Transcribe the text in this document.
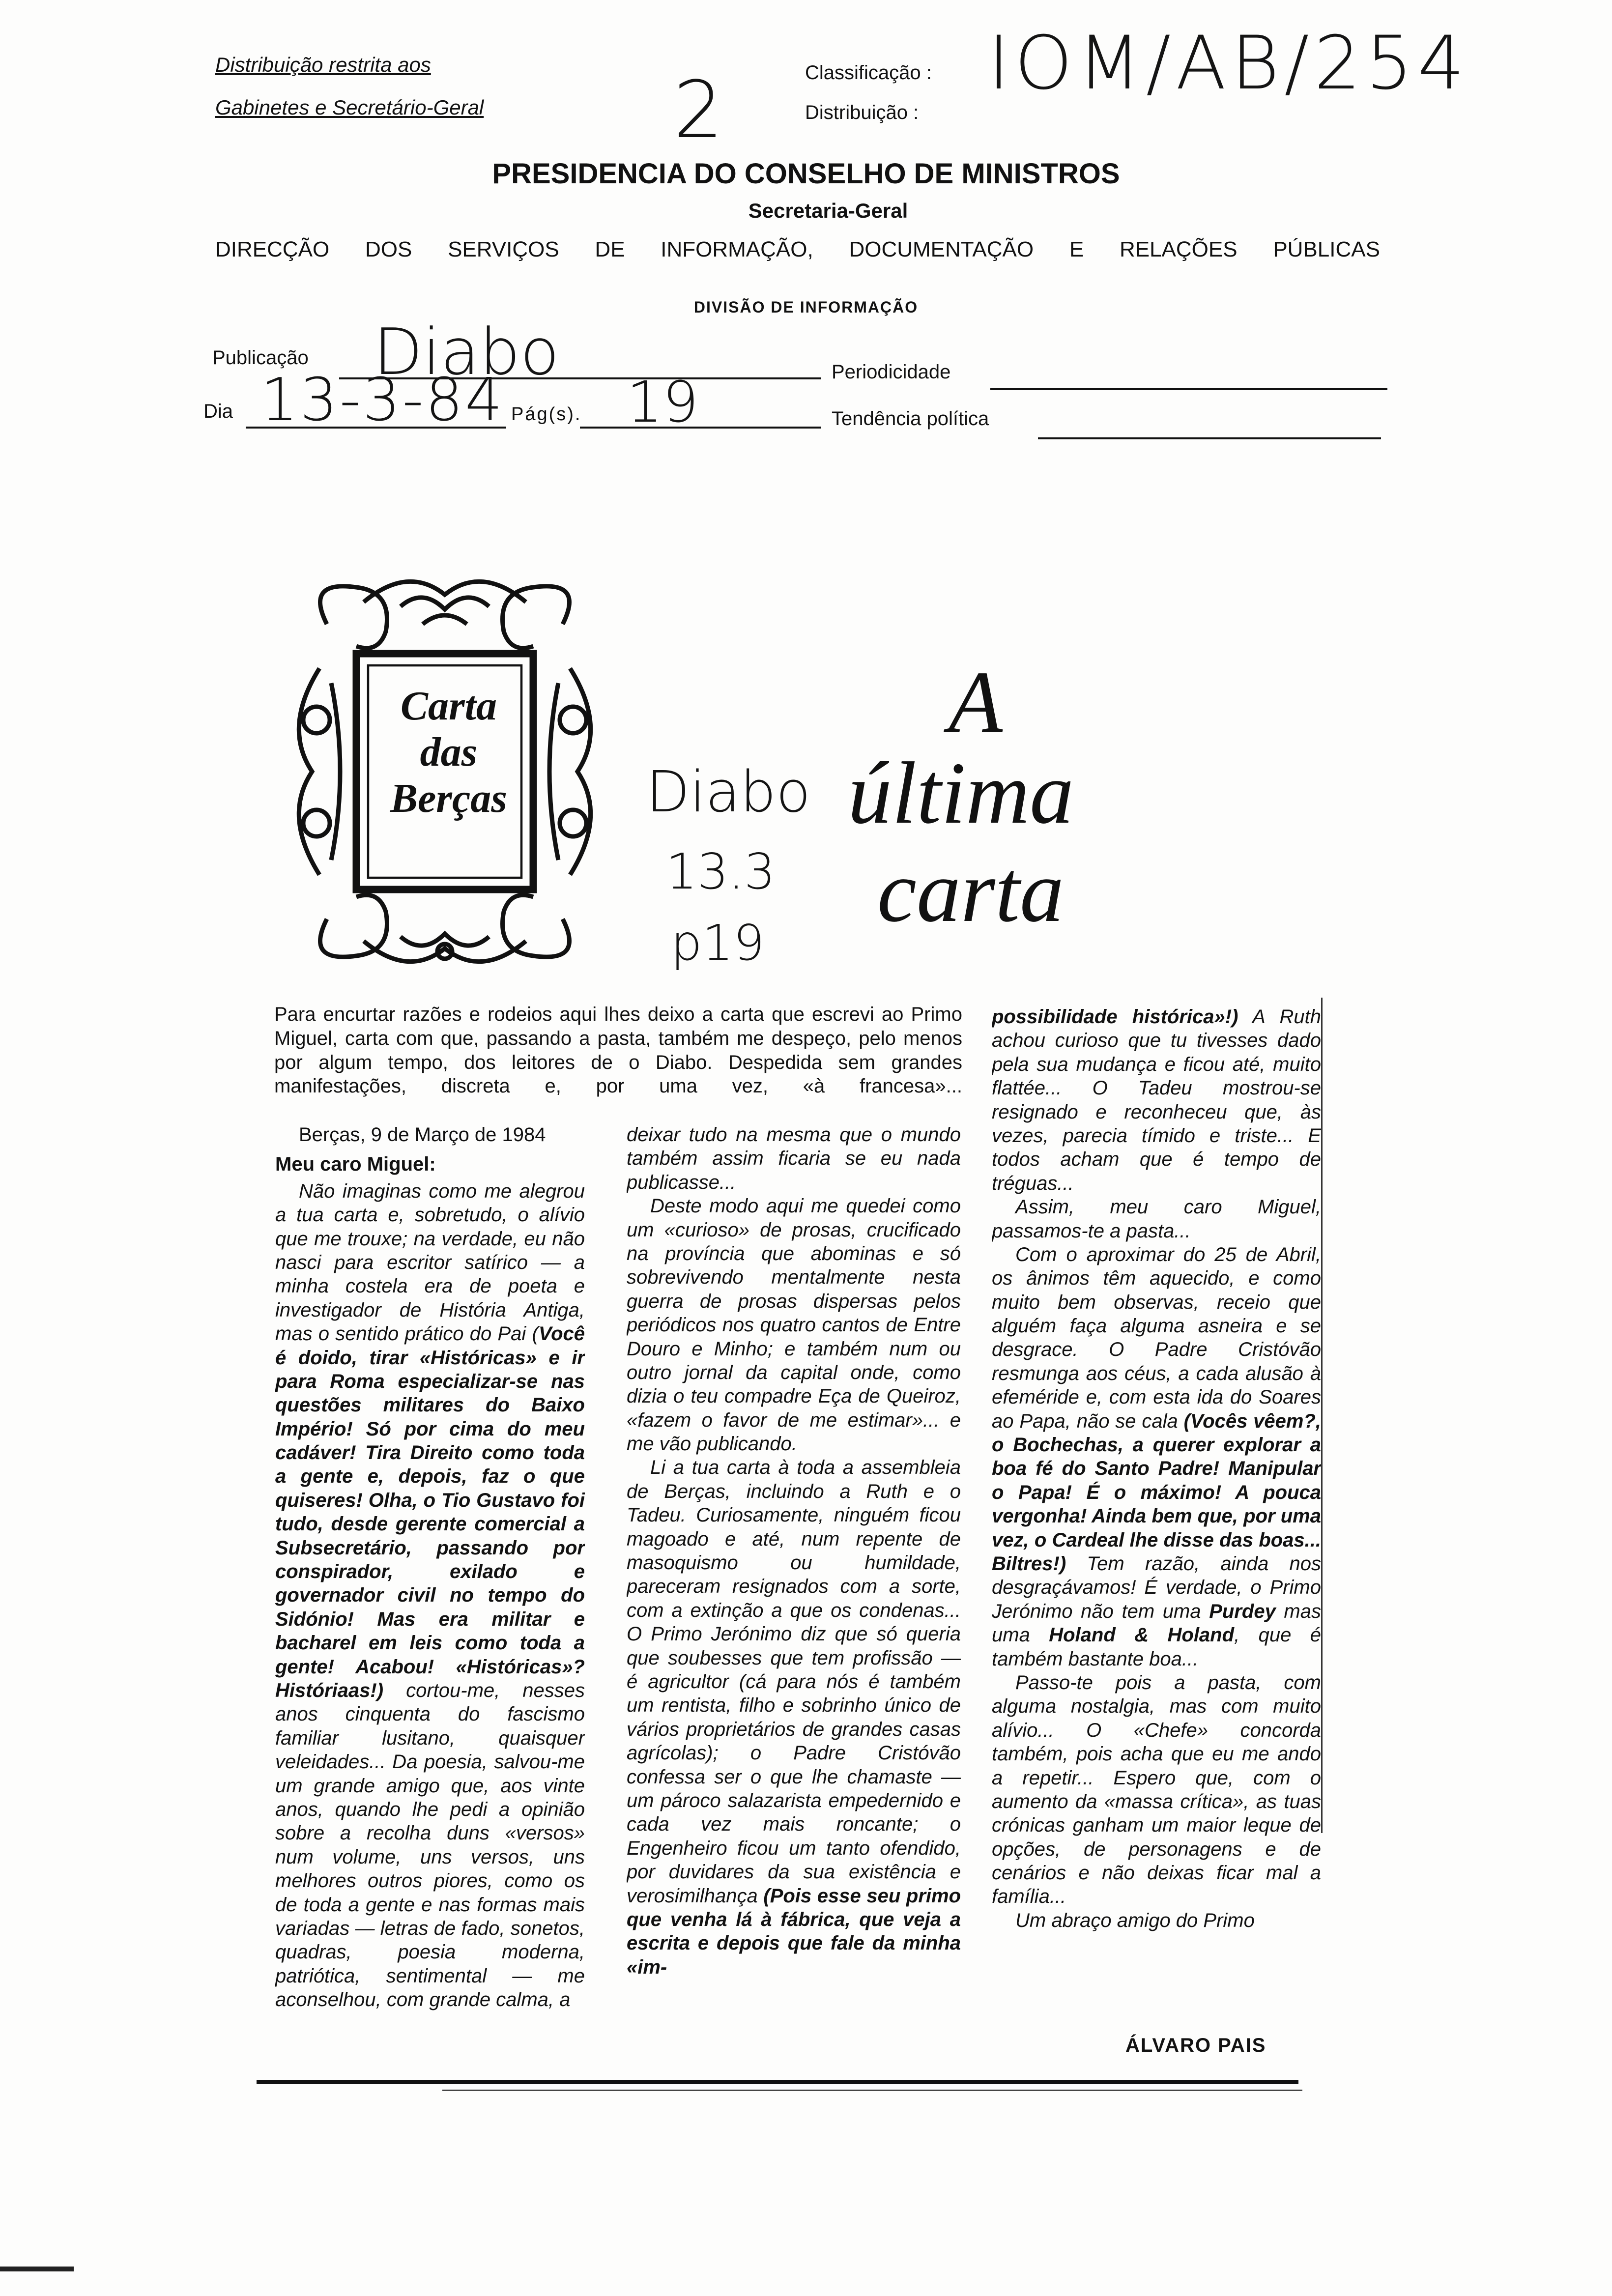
Distribuição restrita aos
Gabinetes e Secretário-Geral 2	Classificação :
Distribuição :
IOM/AB/254
PRESIDENCIA DO CONSELHO DE MINISTROS
Secretaria-Geral
DIRECÇÃO DOS SERVIÇOS DE INFORMAÇÃO, DOCUMENTAÇÃO E RELAÇÕES PÚBLICAS
DIVISÃO DE INFORMAÇÃO
Publicação Diabo
Dia 13-3-84 Pág(s). 19	Periodicidade
Tendência política
Carta
das
Berças
A
última
carta
Diabo
13.3
p19
Para encurtar razões e rodeios aqui lhes deixo a carta que escrevi ao Primo Miguel, carta com que, passando a pasta, também me despeço, pelo menos por algum tempo, dos leitores de o Diabo. Despedida sem grandes manifestações, discreta e, por uma vez, «à francesa»...

Berças, 9 de Março de 1984

Meu caro Miguel:

Não imaginas como me alegrou a tua carta e, sobretudo, o alívio que me trouxe; na verdade, eu não nasci para escritor satírico — a minha costela era de poeta e investigador de História Antiga, mas o sentido prático do Pai (Você é doido, tirar «Históricas» e ir para Roma especializar-se nas questões militares do Baixo Império! Só por cima do meu cadáver! Tira Direito como toda a gente e, depois, faz o que quiseres! Olha, o Tio Gustavo foi tudo, desde gerente comercial a Subsecretário, passando por conspirador, exilado e governador civil no tempo do Sidónio! Mas era militar e bacharel em leis como toda a gente! Acabou! «Históricas»? Históriaas!) cortou-me, nesses anos cinquenta do fascismo familiar lusitano, quaisquer veleidades... Da poesia, salvou-me um grande amigo que, aos vinte anos, quando lhe pedi a opinião sobre a recolha duns «versos» num volume, uns versos, uns melhores outros piores, como os de toda a gente e nas formas mais variadas — letras de fado, sonetos, quadras, poesia moderna, patriótica, sentimental — me aconselhou, com grande calma, a

deixar tudo na mesma que o mundo também assim ficaria se eu nada publicasse...

Deste modo aqui me quedei como um «curioso» de prosas, crucificado na província que abominas e só sobrevivendo mentalmente nesta guerra de prosas dispersas pelos periódicos nos quatro cantos de Entre Douro e Minho; e também num ou outro jornal da capital onde, como dizia o teu compadre Eça de Queiroz, «fazem o favor de me estimar»... e me vão publicando.

Li a tua carta à toda a assembleia de Berças, incluindo a Ruth e o Tadeu. Curiosamente, ninguém ficou magoado e até, num repente de masoquismo ou humildade, pareceram resignados com a sorte, com a extinção a que os condenas... O Primo Jerónimo diz que só queria que soubesses que tem profissão — é agricultor (cá para nós é também um rentista, filho e sobrinho único de vários proprietários de grandes casas agrícolas); o Padre Cristóvão confessa ser o que lhe chamaste — um pároco salazarista empedernido e cada vez mais roncante; o Engenheiro ficou um tanto ofendido, por duvidares da sua existência e verosimilhança (Pois esse seu primo que venha lá à fábrica, que veja a escrita e depois que fale da minha «im-

possibilidade histórica»!) A Ruth achou curioso que tu tivesses dado pela sua mudança e ficou até, muito flattée... O Tadeu mostrou-se resignado e reconheceu que, às vezes, parecia tímido e triste... E todos acham que é tempo de tréguas...

Assim, meu caro Miguel, passamos-te a pasta...

Com o aproximar do 25 de Abril, os ânimos têm aquecido, e como muito bem observas, receio que alguém faça alguma asneira e se desgrace. O Padre Cristóvão resmunga aos céus, a cada alusão à efeméride e, com esta ida do Soares ao Papa, não se cala (Vocês vêem?, o Bochechas, a querer explorar a boa fé do Santo Padre! Manipular o Papa! É o máximo! A pouca vergonha! Ainda bem que, por uma vez, o Cardeal lhe disse das boas... Biltres!) Tem razão, ainda nos desgraçávamos! É verdade, o Primo Jerónimo não tem uma Purdey mas uma Holand & Holand, que é também bastante boa...

Passo-te pois a pasta, com alguma nostalgia, mas com muito alívio... O «Chefe» concorda também, pois acha que eu me ando a repetir... Espero que, com o aumento da «massa crítica», as tuas crónicas ganham um maior leque de opções, de personagens e de cenários e não deixas ficar mal a família...

Um abraço amigo do Primo

ÁLVARO PAIS
